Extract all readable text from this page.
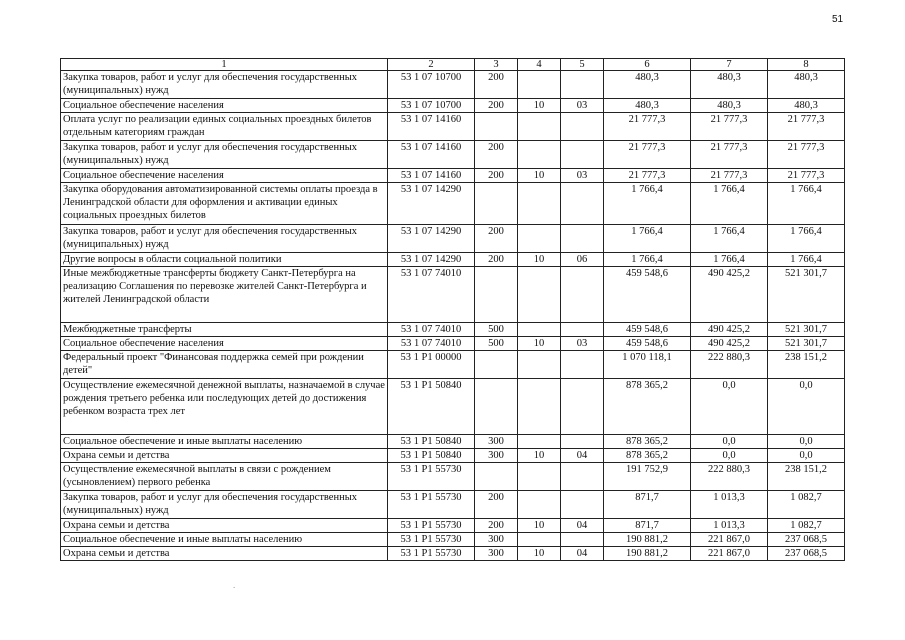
51
1	2	3	4	5	6	7	8
Закупка товаров, работ и услуг для обеспечения государственных (муниципальных) нужд	53 1 07 10700	200			480,3	480,3	480,3
Социальное обеспечение населения	53 1 07 10700	200	10	03	480,3	480,3	480,3
Оплата услуг по реализации единых социальных проездных билетов отдельным категориям граждан	53 1 07 14160				21 777,3	21 777,3	21 777,3
Закупка товаров, работ и услуг для обеспечения государственных (муниципальных) нужд	53 1 07 14160	200			21 777,3	21 777,3	21 777,3
Социальное обеспечение населения	53 1 07 14160	200	10	03	21 777,3	21 777,3	21 777,3
Закупка оборудования автоматизированной системы оплаты проезда в Ленинградской области для оформления и активации единых социальных проездных билетов	53 1 07 14290				1 766,4	1 766,4	1 766,4
Закупка товаров, работ и услуг для обеспечения государственных (муниципальных) нужд	53 1 07 14290	200			1 766,4	1 766,4	1 766,4
Другие вопросы в области социальной политики	53 1 07 14290	200	10	06	1 766,4	1 766,4	1 766,4
Иные межбюджетные трансферты бюджету Санкт-Петербурга на реализацию Соглашения по перевозке жителей Санкт-Петербурга и жителей Ленинградской области	53 1 07 74010				459 548,6	490 425,2	521 301,7
Межбюджетные трансферты	53 1 07 74010	500			459 548,6	490 425,2	521 301,7
Социальное обеспечение населения	53 1 07 74010	500	10	03	459 548,6	490 425,2	521 301,7
Федеральный проект "Финансовая поддержка семей при рождении детей"	53 1 P1 00000				1 070 118,1	222 880,3	238 151,2
Осуществление ежемесячной денежной выплаты, назначаемой в случае рождения третьего ребенка или последующих детей до достижения ребенком возраста трех лет	53 1 P1 50840				878 365,2	0,0	0,0
Социальное обеспечение и иные выплаты населению	53 1 P1 50840	300			878 365,2	0,0	0,0
Охрана семьи и детства	53 1 P1 50840	300	10	04	878 365,2	0,0	0,0
Осуществление ежемесячной выплаты в связи с рождением (усыновлением) первого ребенка	53 1 P1 55730				191 752,9	222 880,3	238 151,2
Закупка товаров, работ и услуг для обеспечения государственных (муниципальных) нужд	53 1 P1 55730	200			871,7	1 013,3	1 082,7
Охрана семьи и детства	53 1 P1 55730	200	10	04	871,7	1 013,3	1 082,7
Социальное обеспечение и иные выплаты населению	53 1 P1 55730	300			190 881,2	221 867,0	237 068,5
Охрана семьи и детства	53 1 P1 55730	300	10	04	190 881,2	221 867,0	237 068,5
.
